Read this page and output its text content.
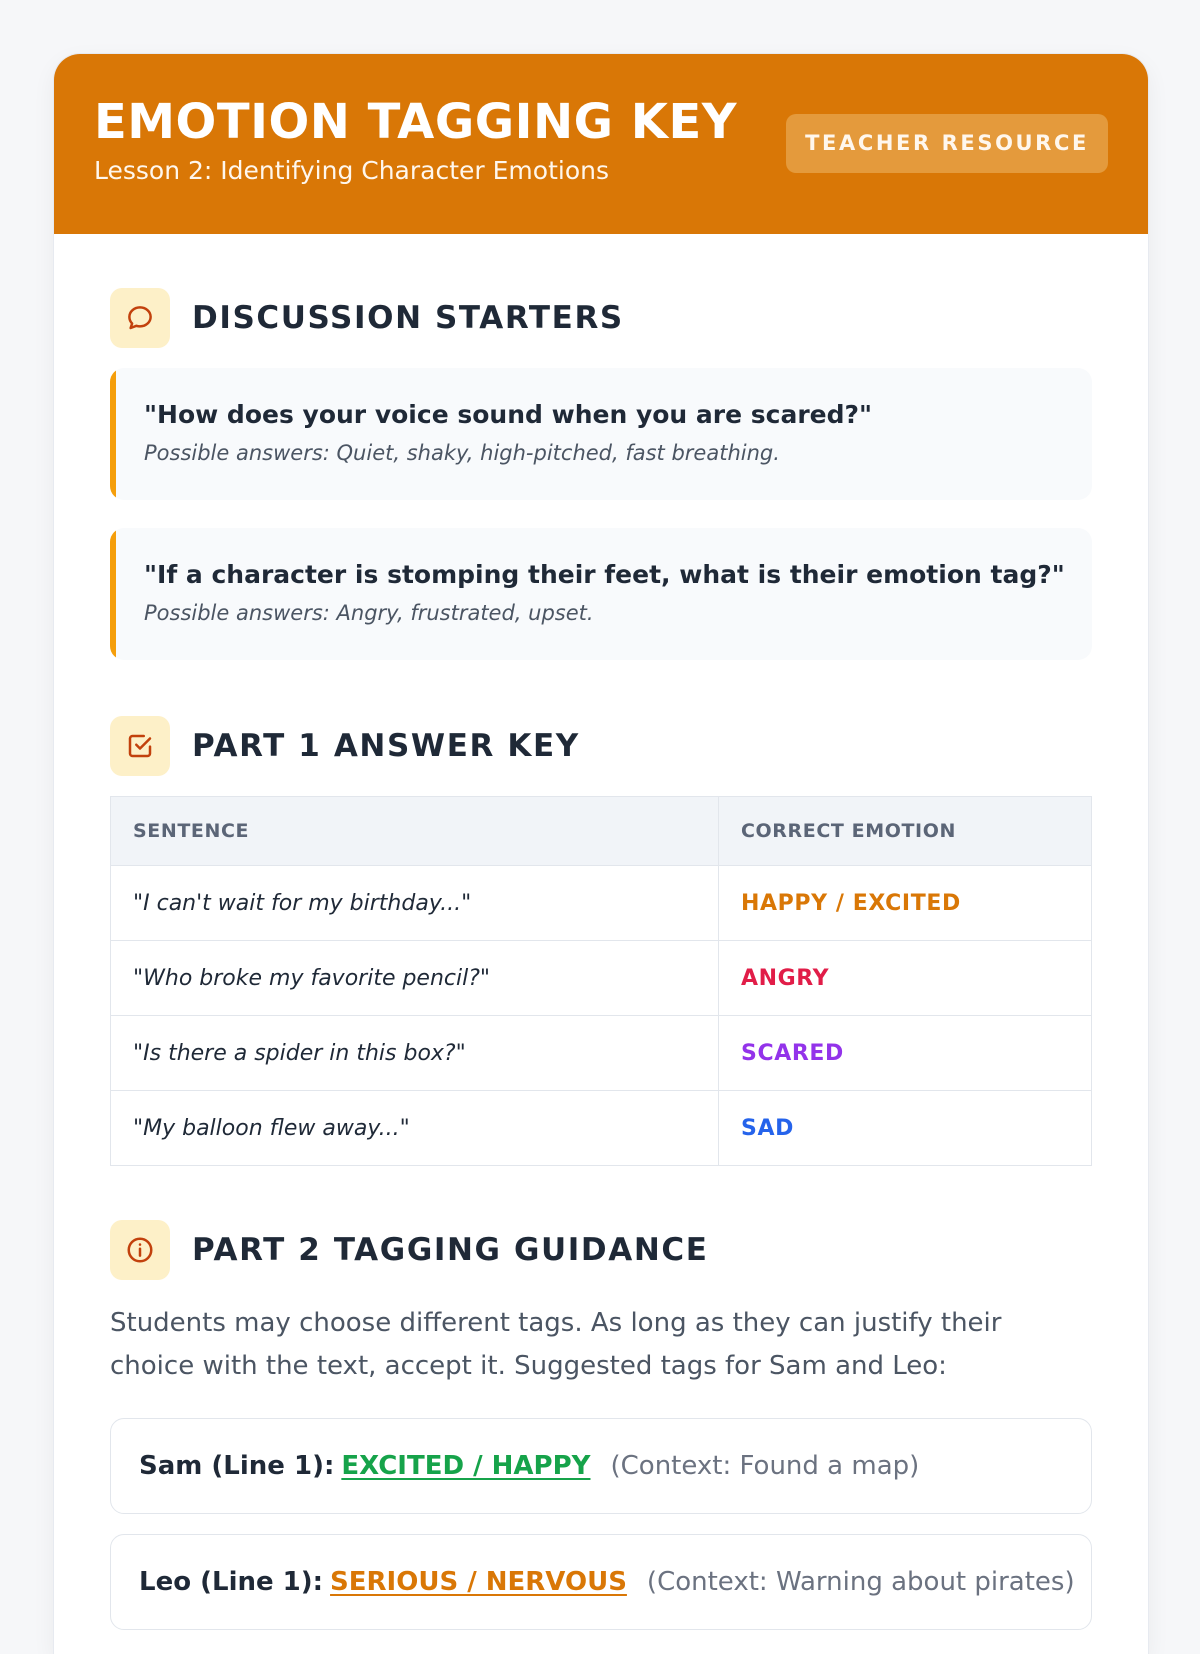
EMOTION TAGGING KEY
Lesson 2: Identifying Character Emotions
TEACHER RESOURCE
DISCUSSION STARTERS
"How does your voice sound when you are scared?"
Possible answers: Quiet, shaky, high-pitched, fast breathing.
"If a character is stomping their feet, what is their emotion tag?"
Possible answers: Angry, frustrated, upset.
PART 1 ANSWER KEY
SENTENCE	CORRECT EMOTION
"I can't wait for my birthday..."	HAPPY / EXCITED
"Who broke my favorite pencil?"	ANGRY
"Is there a spider in this box?"	SCARED
"My balloon flew away..."	SAD
PART 2 TAGGING GUIDANCE

Students may choose different tags. As long as they can justify their choice with the text, accept it. Suggested tags for Sam and Leo:

Sam (Line 1): EXCITED / HAPPY (Context: Found a map)
Leo (Line 1): SERIOUS / NERVOUS (Context: Warning about pirates)
